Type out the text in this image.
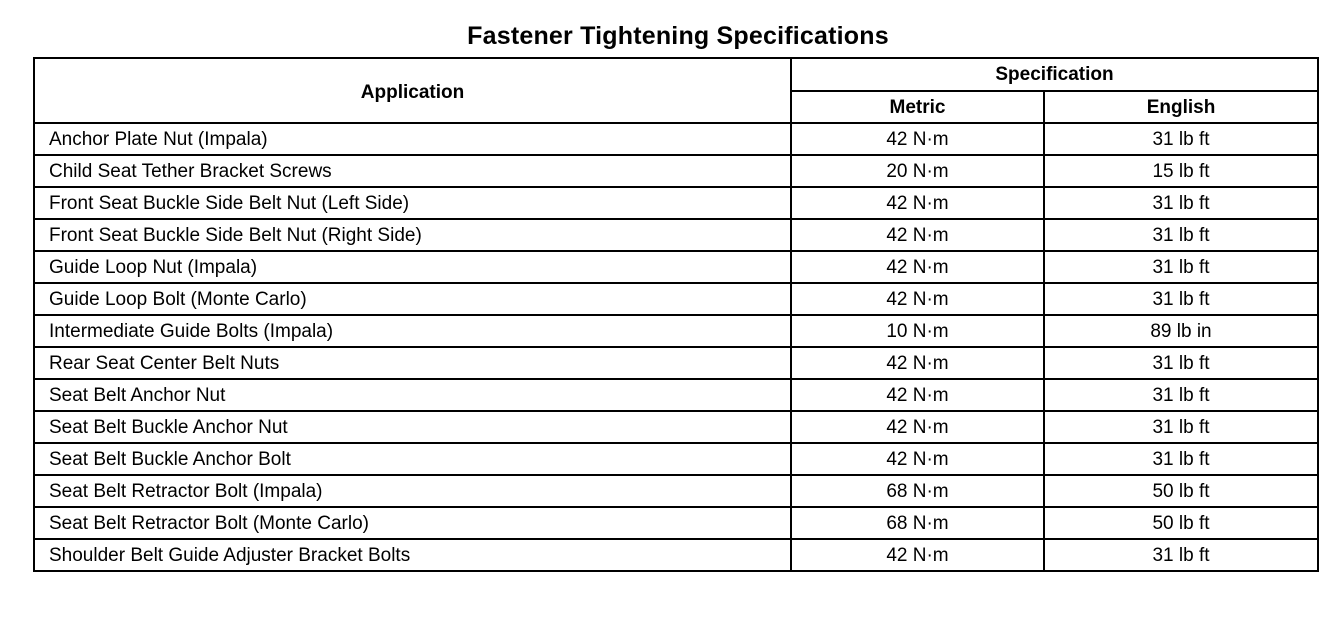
Fastener Tightening Specifications
Application	Specification	
	Metric	English
Anchor Plate Nut (Impala)	42 N·m	31 lb ft
Child Seat Tether Bracket Screws	20 N·m	15 lb ft
Front Seat Buckle Side Belt Nut (Left Side)	42 N·m	31 lb ft
Front Seat Buckle Side Belt Nut (Right Side)	42 N·m	31 lb ft
Guide Loop Nut (Impala)	42 N·m	31 lb ft
Guide Loop Bolt (Monte Carlo)	42 N·m	31 lb ft
Intermediate Guide Bolts (Impala)	10 N·m	89 lb in
Rear Seat Center Belt Nuts	42 N·m	31 lb ft
Seat Belt Anchor Nut	42 N·m	31 lb ft
Seat Belt Buckle Anchor Nut	42 N·m	31 lb ft
Seat Belt Buckle Anchor Bolt	42 N·m	31 lb ft
Seat Belt Retractor Bolt (Impala)	68 N·m	50 lb ft
Seat Belt Retractor Bolt (Monte Carlo)	68 N·m	50 lb ft
Shoulder Belt Guide Adjuster Bracket Bolts	42 N·m	31 lb ft
